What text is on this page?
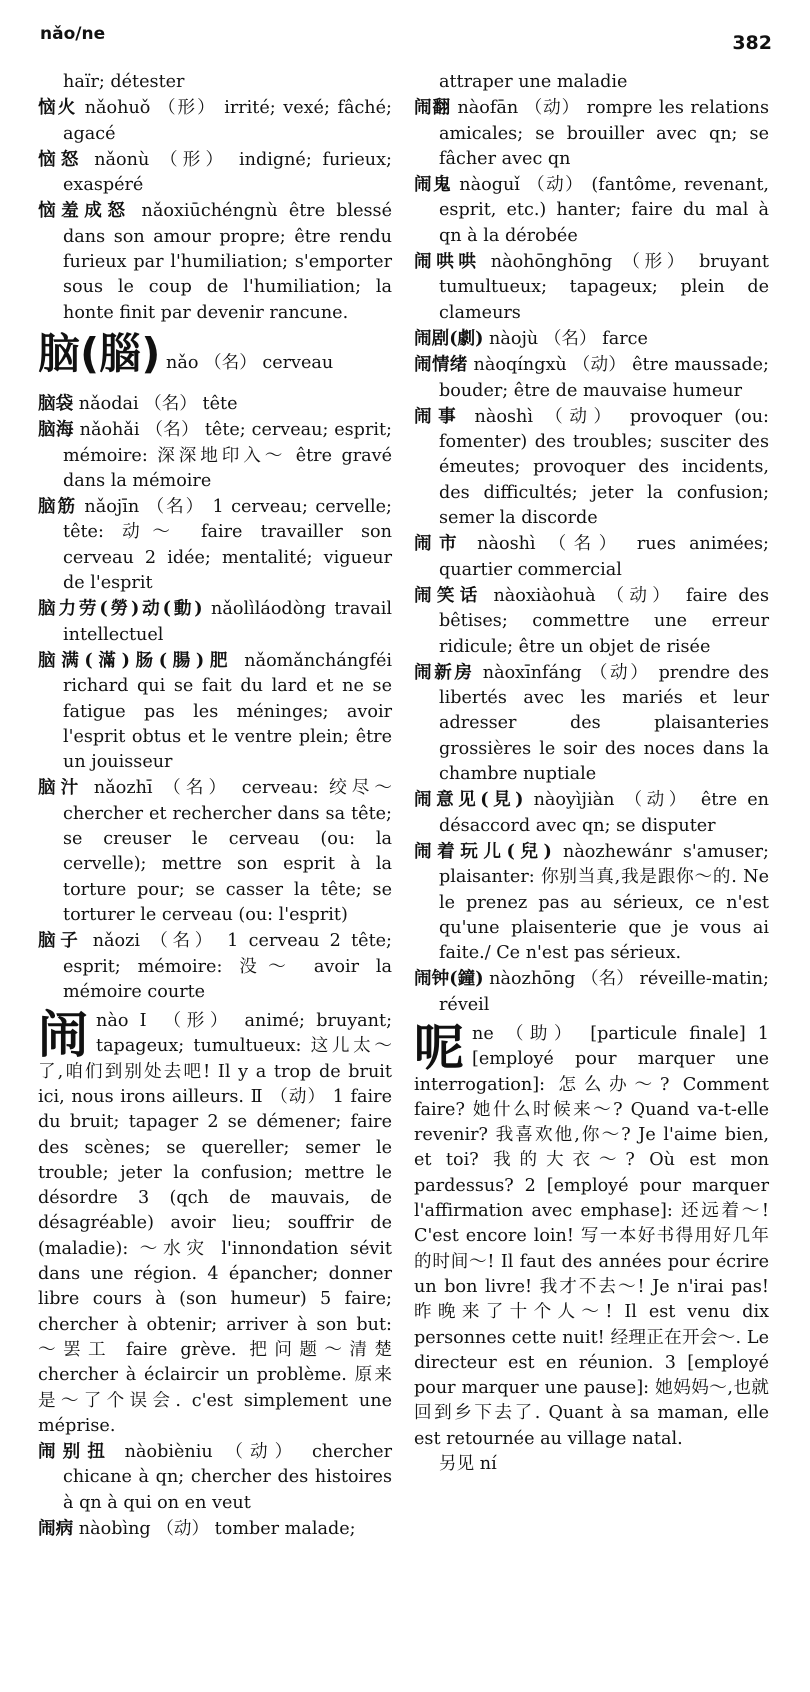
nǎo/ne	382

haïr; détester

恼火 nǎohuǒ （形） irrité; vexé; fâché; agacé

恼怒 nǎonù （形） indigné; furieux; exaspéré

恼羞成怒 nǎoxiūchéngnù être blessé dans son amour propre; être rendu furieux par l'humiliation; s'emporter sous le coup de l'humiliation; la honte finit par devenir rancune.

脑(腦) nǎo （名） cerveau

脑袋 nǎodai （名） tête

脑海 nǎohǎi （名） tête; cerveau; esprit; mémoire: 深深地印入～ être gravé dans la mémoire

脑筋 nǎojīn （名） 1 cerveau; cervelle; tête: 动～ faire travailler son cerveau 2 idée; mentalité; vigueur de l'esprit

脑力劳(勞)动(動) nǎolìláodòng travail intellectuel

脑满(滿)肠(腸)肥 nǎomǎnchángféi richard qui se fait du lard et ne se fatigue pas les méninges; avoir l'esprit obtus et le ventre plein; être un jouisseur

脑汁 nǎozhī （名） cerveau: 绞尽～ chercher et rechercher dans sa tête; se creuser le cerveau (ou: la cervelle); mettre son esprit à la torture pour; se casser la tête; se torturer le cerveau (ou: l'esprit)

脑子 nǎozi （名） 1 cerveau 2 tête; esprit; mémoire: 没～ avoir la mémoire courte

闹 nào Ⅰ （形） animé; bruyant; tapageux; tumultueux: 这儿太～了,咱们到别处去吧! Il y a trop de bruit ici, nous irons ailleurs. Ⅱ （动） 1 faire du bruit; tapager 2 se démener; faire des scènes; se quereller; semer le trouble; jeter la confusion; mettre le désordre 3 (qch de mauvais, de désagréable) avoir lieu; souffrir de (maladie): ～水灾 l'innondation sévit dans une région. 4 épancher; donner libre cours à (son humeur) 5 faire; chercher à obtenir; arriver à son but: ～罢工 faire grève. 把问题～清楚 chercher à éclaircir un problème. 原来是～了个误会. c'est simplement une méprise.

闹别扭 nàobièniu （动） chercher chicane à qn; chercher des histoires à qn à qui on en veut

闹病 nàobìng （动） tomber malade;

attraper une maladie

闹翻 nàofān （动） rompre les relations amicales; se brouiller avec qn; se fâcher avec qn

闹鬼 nàoguǐ （动） (fantôme, revenant, esprit, etc.) hanter; faire du mal à qn à la dérobée

闹哄哄 nàohōnghōng （形） bruyant tumultueux; tapageux; plein de clameurs

闹剧(劇) nàojù （名） farce

闹情绪 nàoqíngxù （动） être maussade; bouder; être de mauvaise humeur

闹事 nàoshì （动） provoquer (ou: fomenter) des troubles; susciter des émeutes; provoquer des incidents, des difficultés; jeter la confusion; semer la discorde

闹市 nàoshì （名） rues animées; quartier commercial

闹笑话 nàoxiàohuà （动） faire des bêtises; commettre une erreur ridicule; être un objet de risée

闹新房 nàoxīnfáng （动） prendre des libertés avec les mariés et leur adresser des plaisanteries grossières le soir des noces dans la chambre nuptiale

闹意见(見) nàoyìjiàn （动） être en désaccord avec qn; se disputer

闹着玩儿(兒) nàozhewánr s'amuser; plaisanter: 你别当真,我是跟你～的. Ne le prenez pas au sérieux, ce n'est qu'une plaisenterie que je vous ai faite./ Ce n'est pas sérieux.

闹钟(鐘) nàozhōng （名） réveille-matin; réveil

呢 ne （助） [particule finale] 1 [employé pour marquer une interrogation]: 怎么办～? Comment faire? 她什么时候来～? Quand va-t-elle revenir? 我喜欢他,你～? Je l'aime bien, et toi? 我的大衣～? Où est mon pardessus? 2 [employé pour marquer l'affirmation avec emphase]: 还远着～! C'est encore loin! 写一本好书得用好几年的时间～! Il faut des années pour écrire un bon livre! 我才不去～! Je n'irai pas! 昨晚来了十个人～! Il est venu dix personnes cette nuit! 经理正在开会～. Le directeur est en réunion. 3 [employé pour marquer une pause]: 她妈妈～,也就回到乡下去了. Quant à sa maman, elle est retournée au village natal.

另见 ní
